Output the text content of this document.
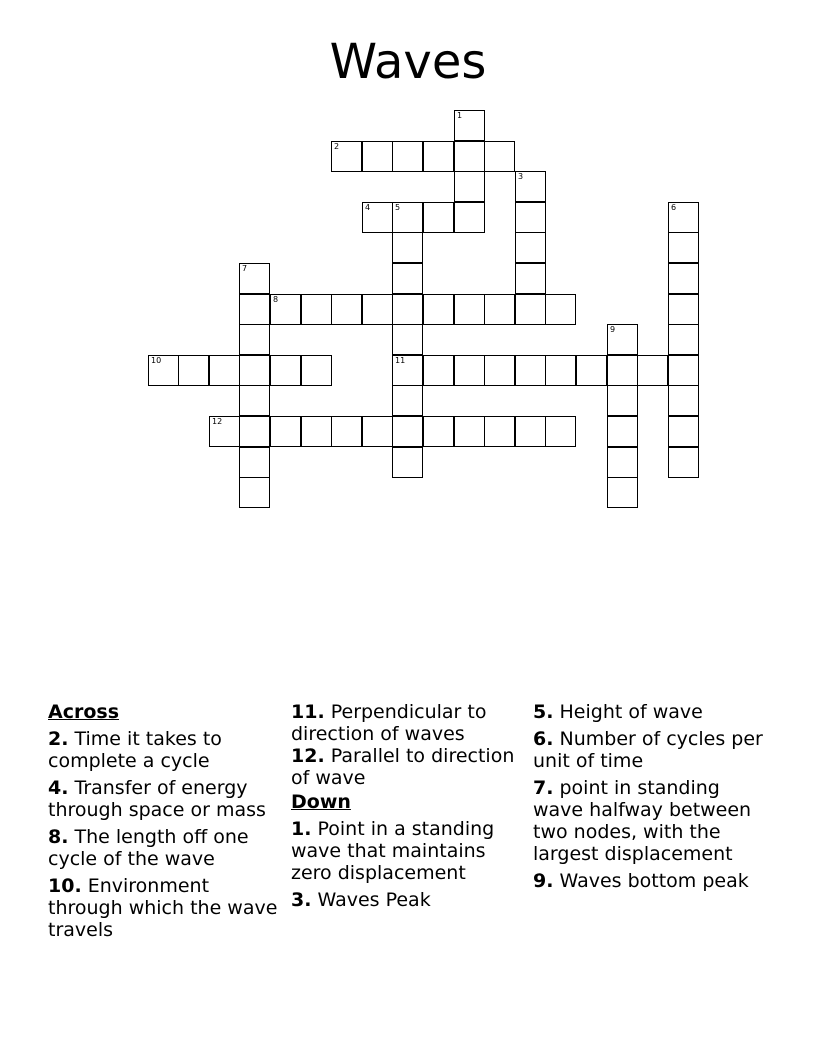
Waves
1
2
3
4	5	6
7
8
9
10	11
12
Across
2. Time it takes to complete a cycle
4. Transfer of energy through space or mass
8. The length off one cycle of the wave
10. Environment through which the wave travels
11. Perpendicular to direction of waves
12. Parallel to direction of wave
Down
1. Point in a standing wave that maintains zero displacement
3. Waves Peak
5. Height of wave
6. Number of cycles per unit of time
7. point in standing wave halfway between two nodes, with the largest displacement
9. Waves bottom peak
